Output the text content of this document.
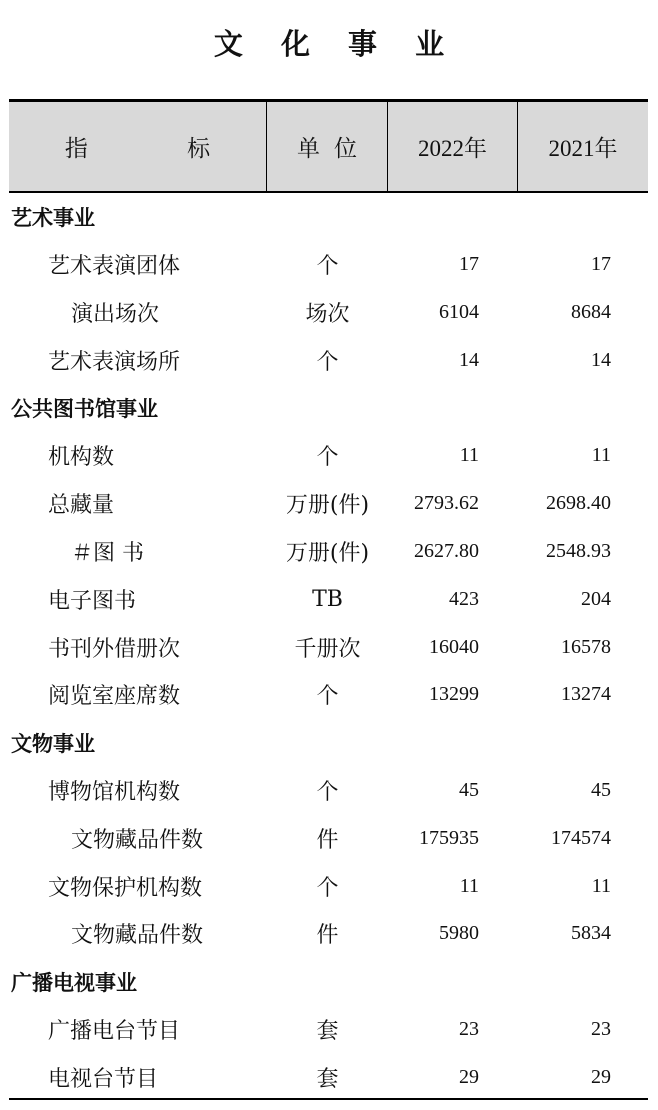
文 化 事 业
指 标	单位	2022年	2021年
艺术事业
艺术表演团体	个	17	17
演出场次	场次	6104	8684
艺术表演场所	个	14	14
公共图书馆事业
机构数	个	11	11
总藏量	万册(件)	2793.62	2698.40
＃图 书	万册(件)	2627.80	2548.93
电子图书	TB	423	204
书刊外借册次	千册次	16040	16578
阅览室座席数	个	13299	13274
文物事业
博物馆机构数	个	45	45
文物藏品件数	件	175935	174574
文物保护机构数	个	11	11
文物藏品件数	件	5980	5834
广播电视事业
广播电台节目	套	23	23
电视台节目	套	29	29
